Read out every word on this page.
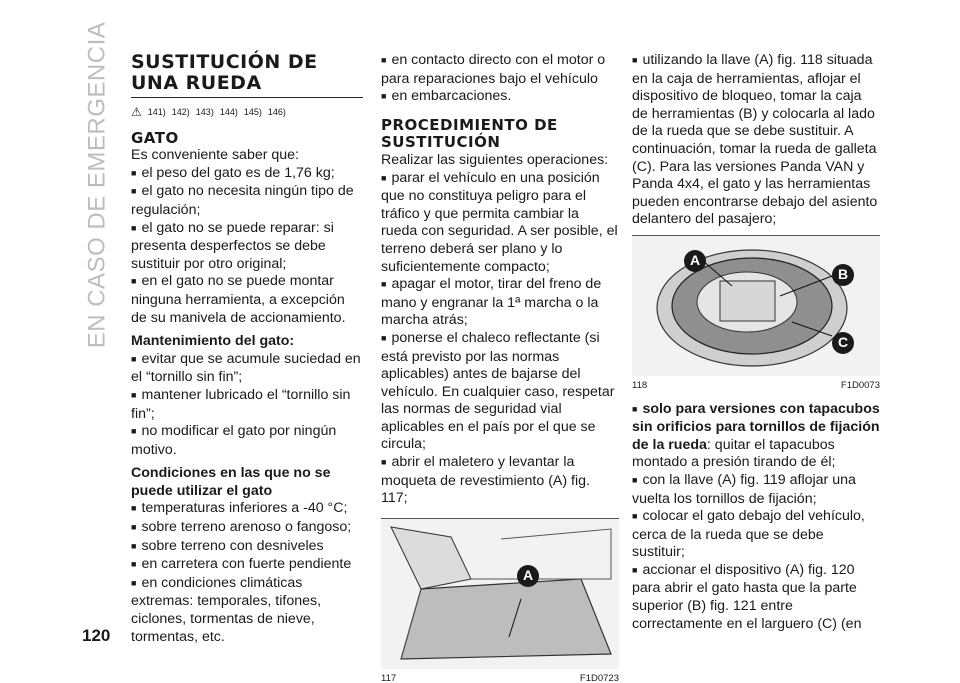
EN CASO DE EMERGENCIA
120
SUSTITUCIÓN DE
UNA RUEDA
⚠ 141) 142) 143) 144) 145) 146)
GATO
Es conveniente saber que:
■ el peso del gato es de 1,76 kg;
■ el gato no necesita ningún tipo de regulación;
■ el gato no se puede reparar: si presenta desperfectos se debe sustituir por otro original;
■ en el gato no se puede montar ninguna herramienta, a excepción de su manivela de accionamiento.
Mantenimiento del gato:
■ evitar que se acumule suciedad en el “tornillo sin fin”;
■ mantener lubricado el “tornillo sin fin”;
■ no modificar el gato por ningún motivo.
Condiciones en las que no se puede utilizar el gato
■ temperaturas inferiores a -40 °C;
■ sobre terreno arenoso o fangoso;
■ sobre terreno con desniveles
■ en carretera con fuerte pendiente
■ en condiciones climáticas extremas: temporales, tifones, ciclones, tormentas de nieve, tormentas, etc.
■ en contacto directo con el motor o para reparaciones bajo el vehículo
■ en embarcaciones.
PROCEDIMIENTO DE
SUSTITUCIÓN
Realizar las siguientes operaciones:
■ parar el vehículo en una posición que no constituya peligro para el tráfico y que permita cambiar la rueda con seguridad. A ser posible, el terreno deberá ser plano y lo suficientemente compacto;
■ apagar el motor, tirar del freno de mano y engranar la 1ª marcha o la marcha atrás;
■ ponerse el chaleco reflectante (si está previsto por las normas aplicables) antes de bajarse del vehículo. En cualquier caso, respetar las normas de seguridad vial aplicables en el país por el que se circula;
■ abrir el maletero y levantar la moqueta de revestimiento (A) fig. 117;
A
117	F1D0723
■ utilizando la llave (A) fig. 118 situada en la caja de herramientas, aflojar el dispositivo de bloqueo, tomar la caja de herramientas (B) y colocarla al lado de la rueda que se debe sustituir. A continuación, tomar la rueda de galleta (C). Para las versiones Panda VAN y Panda 4x4, el gato y las herramientas pueden encontrarse debajo del asiento delantero del pasajero;
A
B
C
118	F1D0073
■ solo para versiones con tapacubos sin orificios para tornillos de fijación de la rueda: quitar el tapacubos montado a presión tirando de él;
■ con la llave (A) fig. 119 aflojar una vuelta los tornillos de fijación;
■ colocar el gato debajo del vehículo, cerca de la rueda que se debe sustituir;
■ accionar el dispositivo (A) fig. 120 para abrir el gato hasta que la parte superior (B) fig. 121 entre correctamente en el larguero (C) (en
